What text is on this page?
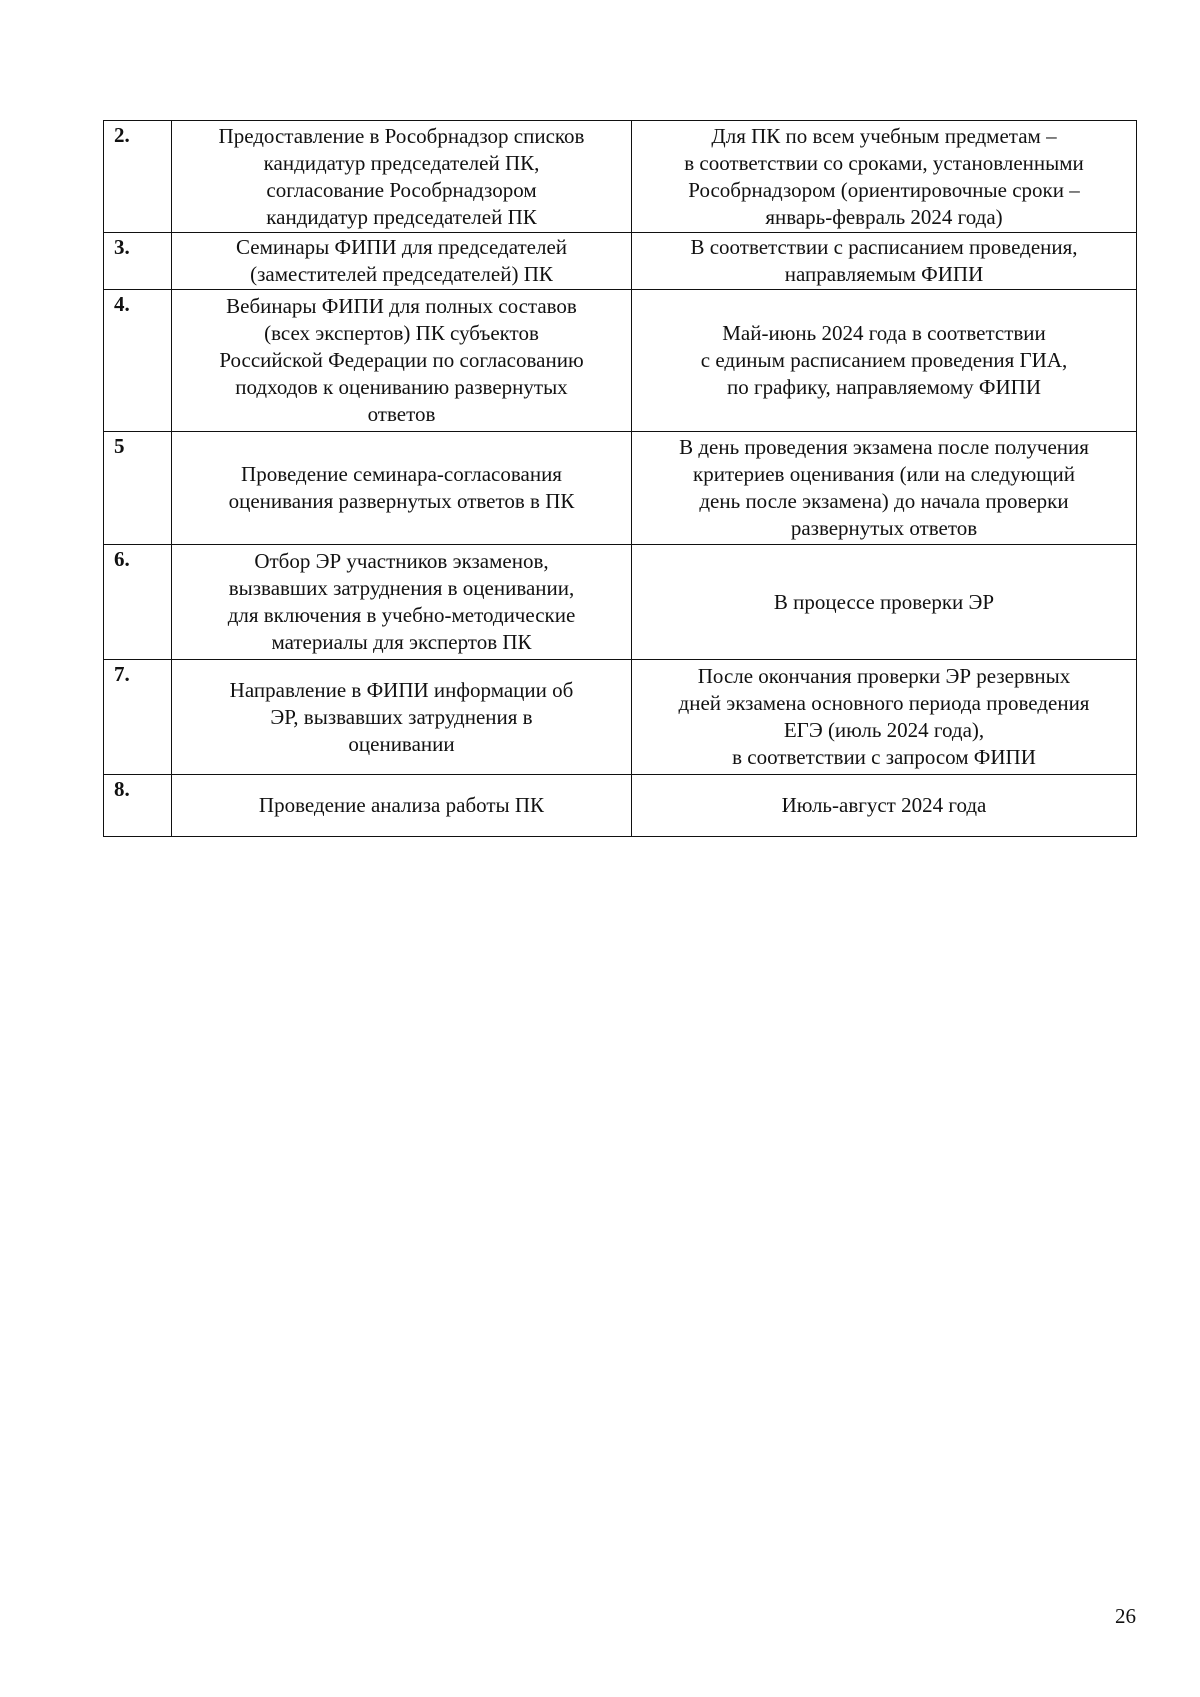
2.	Предоставление в Рособрнадзор списков
кандидатур председателей ПК,
согласование Рособрнадзором
кандидатур председателей ПК	Для ПК по всем учебным предметам –
в соответствии со сроками, установленными
Рособрнадзором (ориентировочные сроки –
январь-февраль 2024 года)
3.	Семинары ФИПИ для председателей
(заместителей председателей) ПК	В соответствии с расписанием проведения,
направляемым ФИПИ
4.	Вебинары ФИПИ для полных составов
(всех экспертов) ПК субъектов
Российской Федерации по согласованию
подходов к оцениванию развернутых
ответов	Май-июнь 2024 года в соответствии
с единым расписанием проведения ГИА,
по графику, направляемому ФИПИ
5	Проведение семинара-согласования
оценивания развернутых ответов в ПК	В день проведения экзамена после получения
критериев оценивания (или на следующий
день после экзамена) до начала проверки
развернутых ответов
6.	Отбор ЭР участников экзаменов,
вызвавших затруднения в оценивании,
для включения в учебно-методические
материалы для экспертов ПК	В процессе проверки ЭР
7.	Направление в ФИПИ информации об
ЭР, вызвавших затруднения в
оценивании	После окончания проверки ЭР резервных
дней экзамена основного периода проведения
ЕГЭ (июль 2024 года),
в соответствии с запросом ФИПИ
8.	Проведение анализа работы ПК	Июль-август 2024 года
26
